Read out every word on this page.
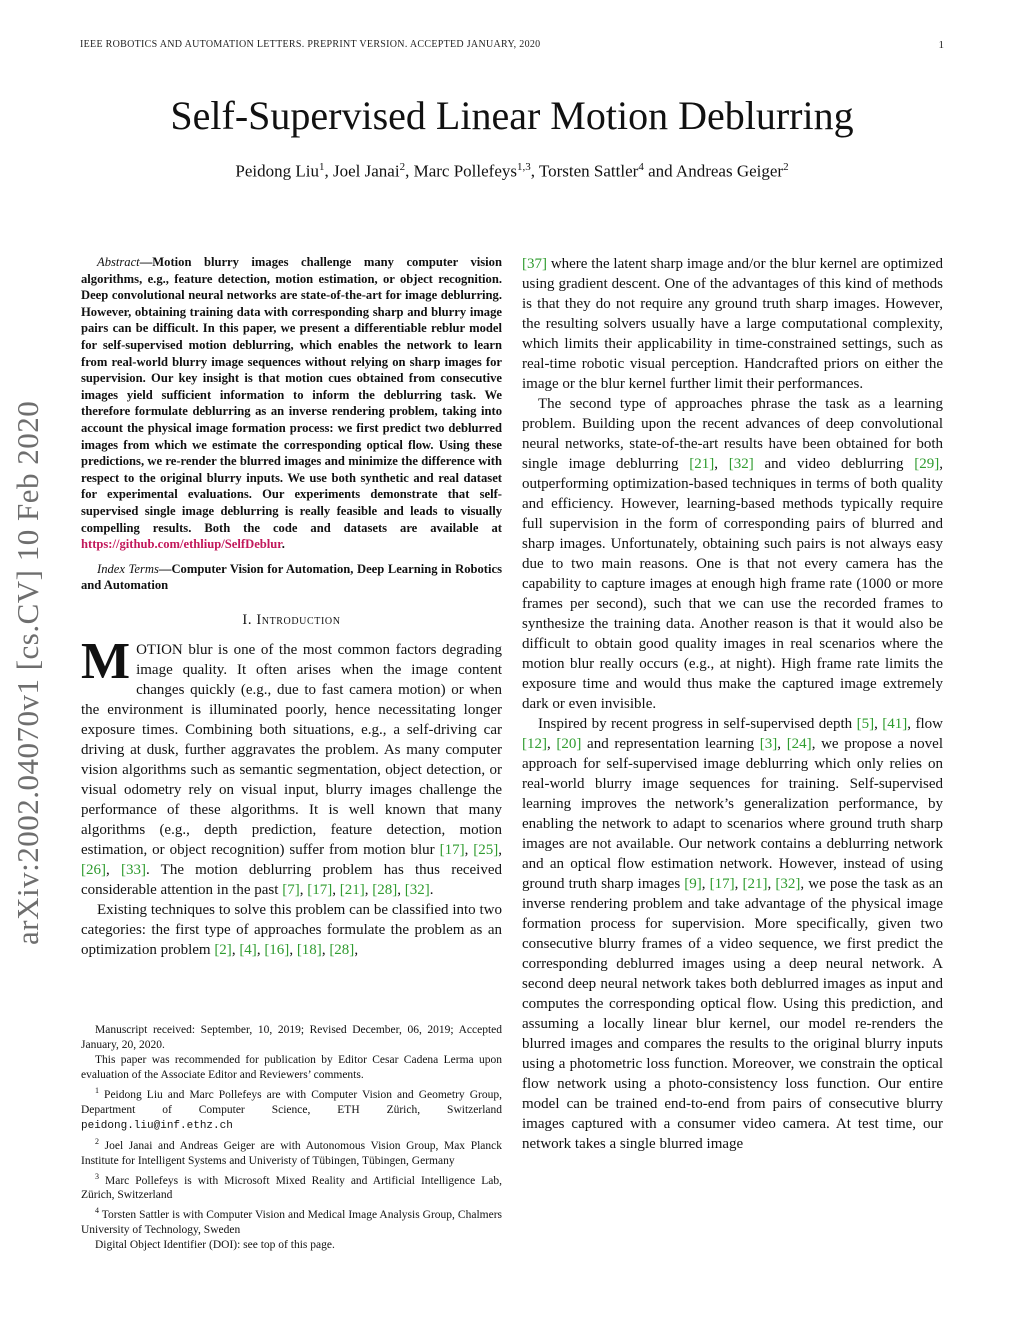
IEEE ROBOTICS AND AUTOMATION LETTERS. PREPRINT VERSION. ACCEPTED JANUARY, 2020	1
arXiv:2002.04070v1 [cs.CV] 10 Feb 2020
Self-Supervised Linear Motion Deblurring
Peidong Liu$^1$, Joel Janai$^2$, Marc Pollefeys$^{1,3}$, Torsten Sattler$^4$ and Andreas Geiger$^2$

Abstract—Motion blurry images challenge many computer vision algorithms, e.g., feature detection, motion estimation, or object recognition. Deep convolutional neural networks are state-of-the-art for image deblurring. However, obtaining training data with corresponding sharp and blurry image pairs can be difficult. In this paper, we present a differentiable reblur model for self-supervised motion deblurring, which enables the network to learn from real-world blurry image sequences without relying on sharp images for supervision. Our key insight is that motion cues obtained from consecutive images yield sufficient information to inform the deblurring task. We therefore formulate deblurring as an inverse rendering problem, taking into account the physical image formation process: we first predict two deblurred images from which we estimate the corresponding optical flow. Using these predictions, we re-render the blurred images and minimize the difference with respect to the original blurry inputs. We use both synthetic and real dataset for experimental evaluations. Our experiments demonstrate that self-supervised single image deblurring is really feasible and leads to visually compelling results. Both the code and datasets are available at https://github.com/ethliup/SelfDeblur.

Index Terms—Computer Vision for Automation, Deep Learning in Robotics and Automation

I. Introduction

MOTION blur is one of the most common factors degrading image quality. It often arises when the image content changes quickly (e.g., due to fast camera motion) or when the environment is illuminated poorly, hence necessitating longer exposure times. Combining both situations, e.g., a self-driving car driving at dusk, further aggravates the problem. As many computer vision algorithms such as semantic segmentation, object detection, or visual odometry rely on visual input, blurry images challenge the performance of these algorithms. It is well known that many algorithms (e.g., depth prediction, feature detection, motion estimation, or object recognition) suffer from motion blur [17], [25], [26], [33]. The motion deblurring problem has thus received considerable attention in the past [7], [17], [21], [28], [32].

Existing techniques to solve this problem can be classified into two categories: the first type of approaches formulate the problem as an optimization problem [2], [4], [16], [18], [28],

Manuscript received: September, 10, 2019; Revised December, 06, 2019; Accepted January, 20, 2020.

This paper was recommended for publication by Editor Cesar Cadena Lerma upon evaluation of the Associate Editor and Reviewers’ comments.

$^1$ Peidong Liu and Marc Pollefeys are with Computer Vision and Geometry Group, Department of Computer Science, ETH Zürich, Switzerland peidong.liu@inf.ethz.ch

$^2$ Joel Janai and Andreas Geiger are with Autonomous Vision Group, Max Planck Institute for Intelligent Systems and Univeristy of Tübingen, Tübingen, Germany

$^3$ Marc Pollefeys is with Microsoft Mixed Reality and Artificial Intelligence Lab, Zürich, Switzerland

$^4$ Torsten Sattler is with Computer Vision and Medical Image Analysis Group, Chalmers University of Technology, Sweden

Digital Object Identifier (DOI): see top of this page.

[37] where the latent sharp image and/or the blur kernel are optimized using gradient descent. One of the advantages of this kind of methods is that they do not require any ground truth sharp images. However, the resulting solvers usually have a large computational complexity, which limits their applicability in time-constrained settings, such as real-time robotic visual perception. Handcrafted priors on either the image or the blur kernel further limit their performances.

The second type of approaches phrase the task as a learning problem. Building upon the recent advances of deep convolutional neural networks, state-of-the-art results have been obtained for both single image deblurring [21], [32] and video deblurring [29], outperforming optimization-based techniques in terms of both quality and efficiency. However, learning-based methods typically require full supervision in the form of corresponding pairs of blurred and sharp images. Unfortunately, obtaining such pairs is not always easy due to two main reasons. One is that not every camera has the capability to capture images at enough high frame rate (1000 or more frames per second), such that we can use the recorded frames to synthesize the training data. Another reason is that it would also be difficult to obtain good quality images in real scenarios where the motion blur really occurs (e.g., at night). High frame rate limits the exposure time and would thus make the captured image extremely dark or even invisible.

Inspired by recent progress in self-supervised depth [5], [41], flow [12], [20] and representation learning [3], [24], we propose a novel approach for self-supervised image deblurring which only relies on real-world blurry image sequences for training. Self-supervised learning improves the network’s generalization performance, by enabling the network to adapt to scenarios where ground truth sharp images are not available. Our network contains a deblurring network and an optical flow estimation network. However, instead of using ground truth sharp images [9], [17], [21], [32], we pose the task as an inverse rendering problem and take advantage of the physical image formation process for supervision. More specifically, given two consecutive blurry frames of a video sequence, we first predict the corresponding deblurred images using a deep neural network. A second deep neural network takes both deblurred images as input and computes the corresponding optical flow. Using this prediction, and assuming a locally linear blur kernel, our model re-renders the blurred images and compares the results to the original blurry inputs using a photometric loss function. Moreover, we constrain the optical flow network using a photo-consistency loss function. Our entire model can be trained end-to-end from pairs of consecutive blurry images captured with a consumer video camera. At test time, our network takes a single blurred image
